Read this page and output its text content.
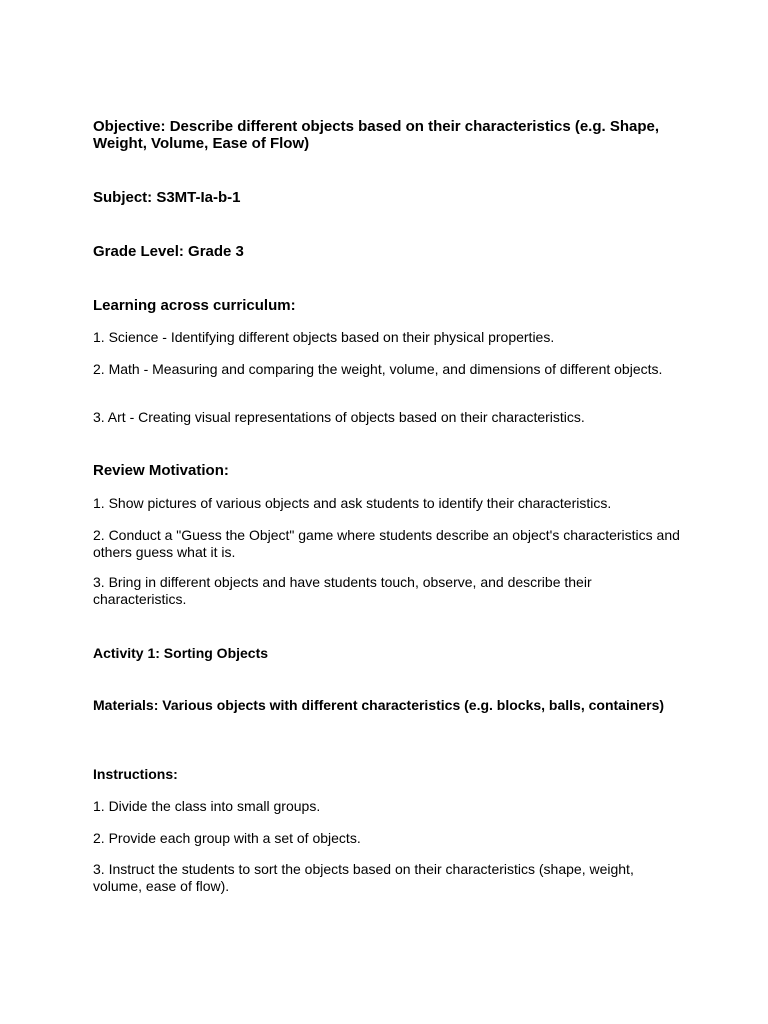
Objective: Describe different objects based on their characteristics (e.g. Shape, Weight, Volume, Ease of Flow)

Subject: S3MT-Ia-b-1

Grade Level: Grade 3

Learning across curriculum:

1. Science - Identifying different objects based on their physical properties.

2. Math - Measuring and comparing the weight, volume, and dimensions of different objects.

3. Art - Creating visual representations of objects based on their characteristics.

Review Motivation:

1. Show pictures of various objects and ask students to identify their characteristics.

2. Conduct a "Guess the Object" game where students describe an object's characteristics and others guess what it is.

3. Bring in different objects and have students touch, observe, and describe their characteristics.

Activity 1: Sorting Objects

Materials: Various objects with different characteristics (e.g. blocks, balls, containers)

Instructions:

1. Divide the class into small groups.

2. Provide each group with a set of objects.

3. Instruct the students to sort the objects based on their characteristics (shape, weight, volume, ease of flow).
